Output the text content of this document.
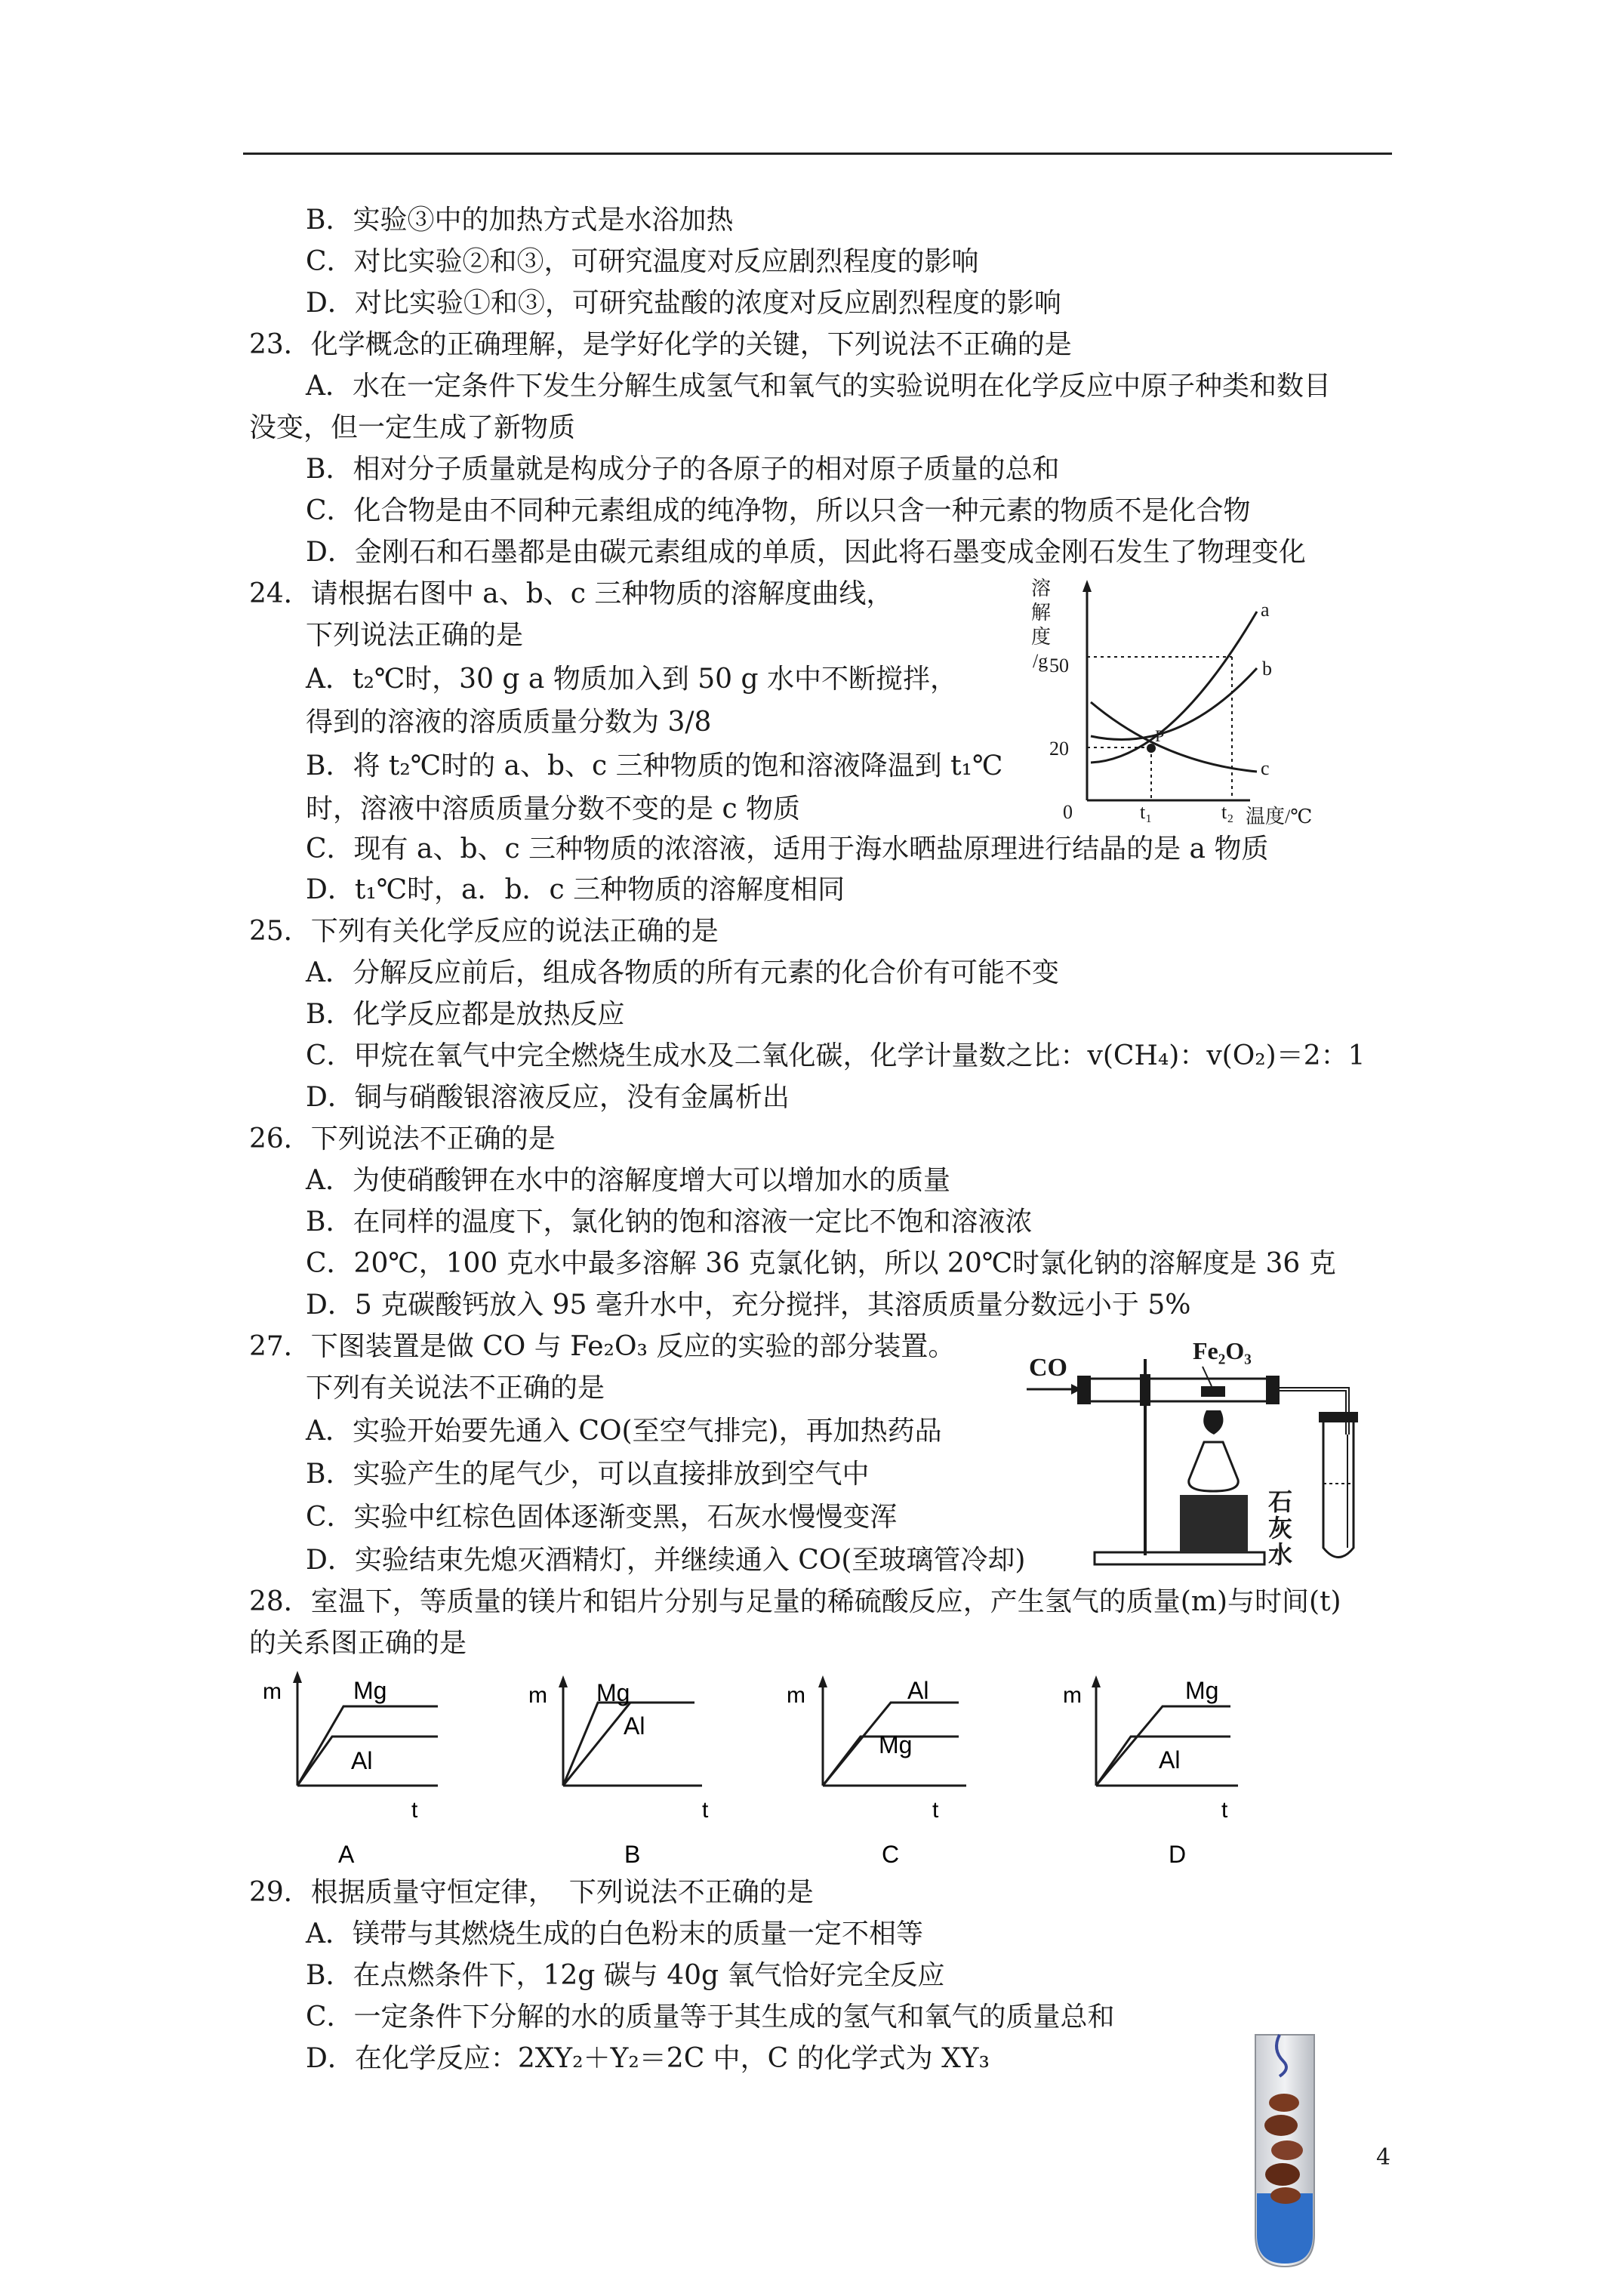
B．实验③中的加热方式是水浴加热
C．对比实验②和③，可研究温度对反应剧烈程度的影响
D．对比实验①和③，可研究盐酸的浓度对反应剧烈程度的影响
23．化学概念的正确理解，是学好化学的关键，下列说法不正确的是
A．水在一定条件下发生分解生成氢气和氧气的实验说明在化学反应中原子种类和数目
没变，但一定生成了新物质
B．相对分子质量就是构成分子的各原子的相对原子质量的总和
C．化合物是由不同种元素组成的纯净物，所以只含一种元素的物质不是化合物
D．金刚石和石墨都是由碳元素组成的单质，因此将石墨变成金刚石发生了物理变化
24．请根据右图中 a、b、c 三种物质的溶解度曲线，
下列说法正确的是
A．t₂℃时，30 g a 物质加入到 50 g 水中不断搅拌，
得到的溶液的溶质质量分数为 3/8
B．将 t₂℃时的 a、b、c 三种物质的饱和溶液降温到 t₁℃
时，溶液中溶质质量分数不变的是 c 物质
C．现有 a、b、c 三种物质的浓溶液，适用于海水晒盐原理进行结晶的是 a 物质
D．t₁℃时，a．b．c 三种物质的溶解度相同
溶
解
度
/g 50
20
0	t₁	t₂ 温度/℃
a
b
c
P
25．下列有关化学反应的说法正确的是
A．分解反应前后，组成各物质的所有元素的化合价有可能不变
B．化学反应都是放热反应
C．甲烷在氧气中完全燃烧生成水及二氧化碳，化学计量数之比：v(CH₄)：v(O₂)＝2：1
D．铜与硝酸银溶液反应，没有金属析出
26．下列说法不正确的是
A．为使硝酸钾在水中的溶解度增大可以增加水的质量
B．在同样的温度下，氯化钠的饱和溶液一定比不饱和溶液浓
C．20℃，100 克水中最多溶解 36 克氯化钠，所以 20℃时氯化钠的溶解度是 36 克
D．5 克碳酸钙放入 95 毫升水中，充分搅拌，其溶质质量分数远小于 5%
27．下图装置是做 CO 与 Fe₂O₃ 反应的实验的部分装置。
下列有关说法不正确的是
A．实验开始要先通入 CO(至空气排完)，再加热药品
B．实验产生的尾气少，可以直接排放到空气中
C．实验中红棕色固体逐渐变黑，石灰水慢慢变浑
D．实验结束先熄灭酒精灯，并继续通入 CO(至玻璃管冷却)
CO
Fe₂O₃
石
灰
水
28．室温下，等质量的镁片和铝片分别与足量的稀硫酸反应，产生氢气的质量(m)与时间(t)
的关系图正确的是
m	Mg
Al
t
A
m Mg
Al
t
B
m	Al
Mg
t
C
m	Mg
Al
t
D
29．根据质量守恒定律，　下列说法不正确的是
A．镁带与其燃烧生成的白色粉末的质量一定不相等
B．在点燃条件下，12g 碳与 40g 氧气恰好完全反应
C．一定条件下分解的水的质量等于其生成的氢气和氧气的质量总和
D．在化学反应：2XY₂＋Y₂＝2C 中，C 的化学式为 XY₃
4
